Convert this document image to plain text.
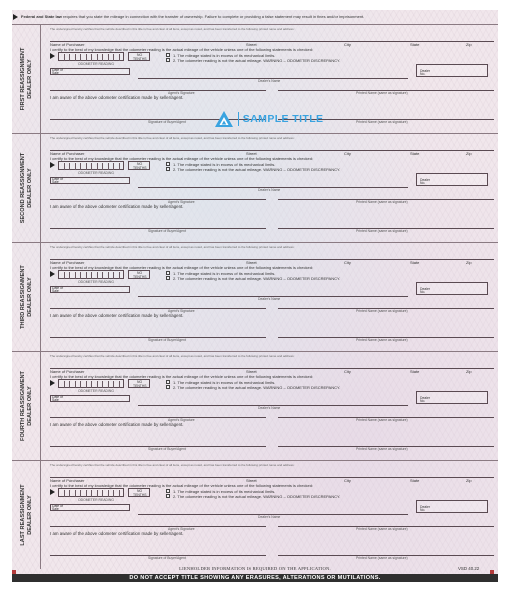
Federal and State law requires that you state the mileage in connection with the transfer of ownership. Failure to complete or providing a false statement may result in fines and/or imprisonment.
FIRST REASSIGNMENT DEALER ONLY
The undersigned hereby certifies that the vehicle described in this title is free and clear of all liens, except as noted, and has been transferred to the following printed name and address:
Name of Purchaser	Street	City	State	Zip
I certify to the best of my knowledge that the odometer reading is the actual mileage of the vehicle unless one of the following statements is checked:
NO
TENTHS
ODOMETER READING
1. The mileage stated is in excess of its mechanical limits.
2. The odometer reading is not the actual mileage. WARNING – ODOMETER DISCREPANCY.
Date of
Sale
Dealer
No.
Dealer's Name
Agent's Signature	Printed Name (same as signature)
I am aware of the above odometer certification made by seller/agent.
Signature of Buyer/Agent	Printed Name (same as signature)
SECOND REASSIGNMENT DEALER ONLY
The undersigned hereby certifies that the vehicle described in this title is free and clear of all liens, except as noted, and has been transferred to the following printed name and address:
Name of Purchaser	Street	City	State	Zip
I certify to the best of my knowledge that the odometer reading is the actual mileage of the vehicle unless one of the following statements is checked:
NO
TENTHS
ODOMETER READING
1. The mileage stated is in excess of its mechanical limits.
2. The odometer reading is not the actual mileage. WARNING – ODOMETER DISCREPANCY.
Date of
Sale
Dealer
No.
Dealer's Name
Agent's Signature	Printed Name (same as signature)
I am aware of the above odometer certification made by seller/agent.
Signature of Buyer/Agent	Printed Name (same as signature)
THIRD REASSIGNMENT DEALER ONLY
The undersigned hereby certifies that the vehicle described in this title is free and clear of all liens, except as noted, and has been transferred to the following printed name and address:
Name of Purchaser	Street	City	State	Zip
I certify to the best of my knowledge that the odometer reading is the actual mileage of the vehicle unless one of the following statements is checked:
NO
TENTHS
ODOMETER READING
1. The mileage stated is in excess of its mechanical limits.
2. The odometer reading is not the actual mileage. WARNING – ODOMETER DISCREPANCY.
Date of
Sale
Dealer
No.
Dealer's Name
Agent's Signature	Printed Name (same as signature)
I am aware of the above odometer certification made by seller/agent.
Signature of Buyer/Agent	Printed Name (same as signature)
FOURTH REASSIGNMENT DEALER ONLY
The undersigned hereby certifies that the vehicle described in this title is free and clear of all liens, except as noted, and has been transferred to the following printed name and address:
Name of Purchaser	Street	City	State	Zip
I certify to the best of my knowledge that the odometer reading is the actual mileage of the vehicle unless one of the following statements is checked:
NO
TENTHS
ODOMETER READING
1. The mileage stated is in excess of its mechanical limits.
2. The odometer reading is not the actual mileage. WARNING – ODOMETER DISCREPANCY.
Date of
Sale
Dealer
No.
Dealer's Name
Agent's Signature	Printed Name (same as signature)
I am aware of the above odometer certification made by seller/agent.
Signature of Buyer/Agent	Printed Name (same as signature)
LAST REASSIGNMENT DEALER ONLY
The undersigned hereby certifies that the vehicle described in this title is free and clear of all liens, except as noted, and has been transferred to the following printed name and address:
Name of Purchaser	Street	City	State	Zip
I certify to the best of my knowledge that the odometer reading is the actual mileage of the vehicle unless one of the following statements is checked:
NO
TENTHS
ODOMETER READING
1. The mileage stated is in excess of its mechanical limits.
2. The odometer reading is not the actual mileage. WARNING – ODOMETER DISCREPANCY.
Date of
Sale
Dealer
No.
Dealer's Name
Agent's Signature	Printed Name (same as signature)
I am aware of the above odometer certification made by seller/agent.
Signature of Buyer/Agent	Printed Name (same as signature)
SAMPLE TITLE
LIENHOLDER INFORMATION IS REQUIRED ON THE APPLICATION.	VSD 40.22
DO NOT ACCEPT TITLE SHOWING ANY ERASURES, ALTERATIONS OR MUTILATIONS.
